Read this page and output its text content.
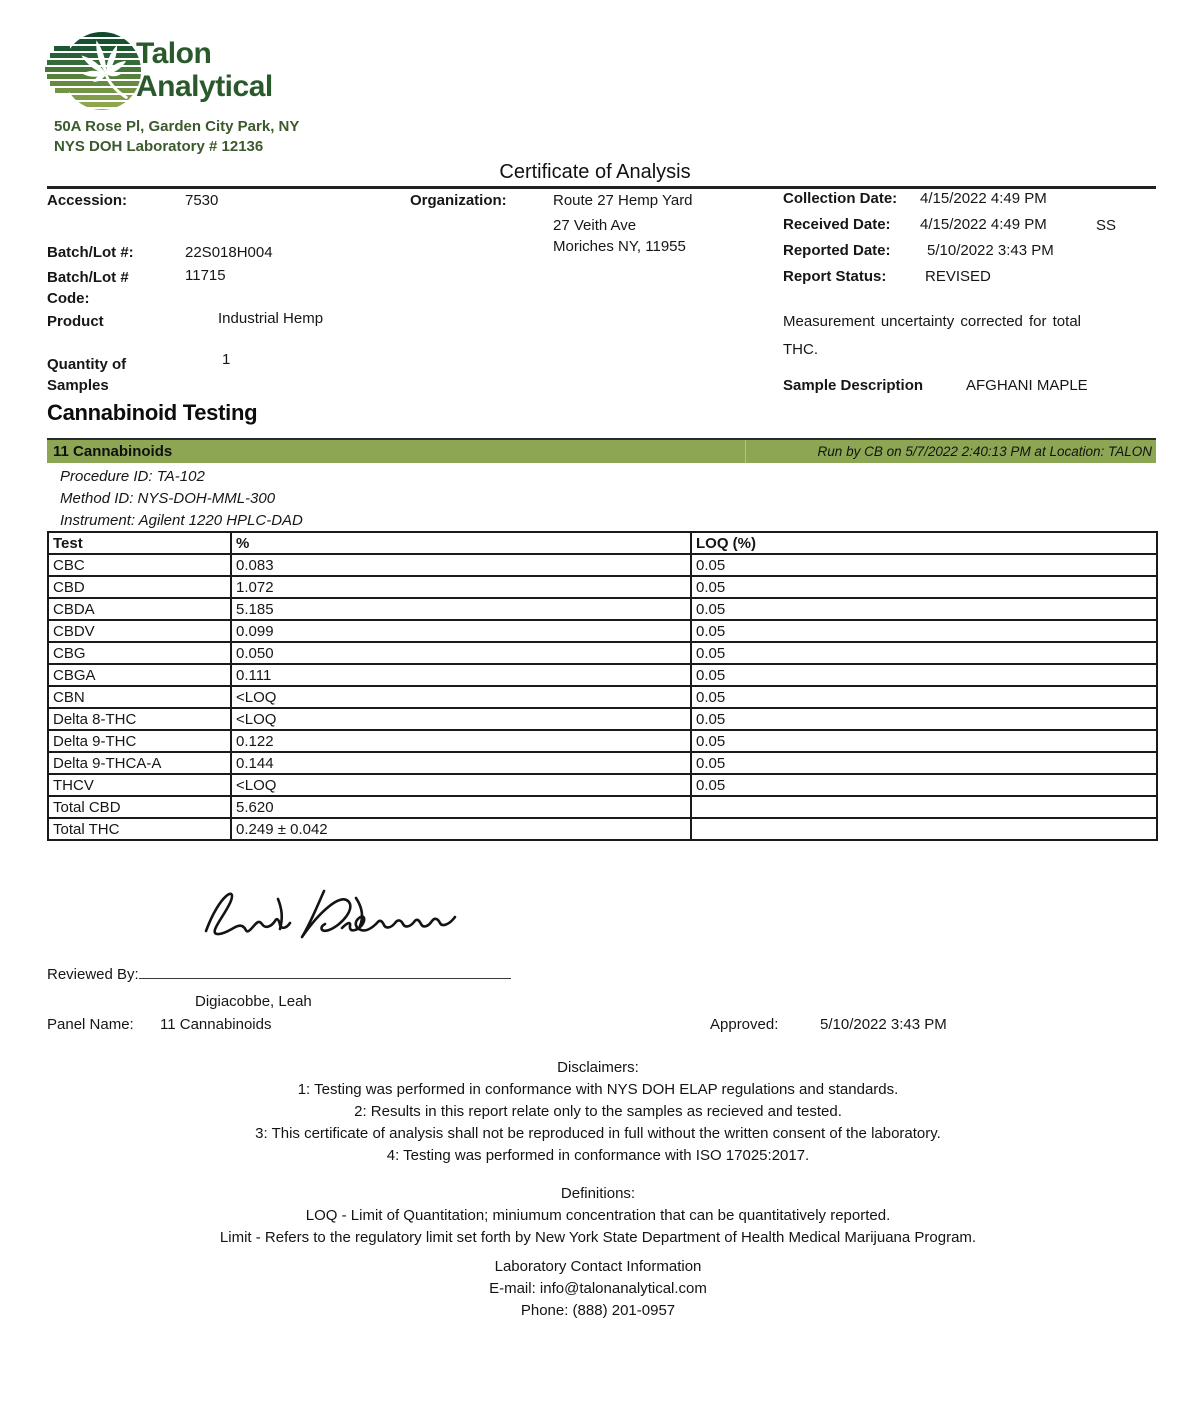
Talon
Analytical
50A Rose Pl, Garden City Park, NY
NYS DOH Laboratory # 12136
Certificate of Analysis
Accession:	7530
Batch/Lot #:	22S018H004
Batch/Lot # Code:
11715
Product	Industrial Hemp
Quantity of Samples
1
Organization:	Route 27 Hemp Yard
27 Veith Ave
Moriches NY, 11955
Collection Date: 4/15/2022 4:49 PM
Received Date: 4/15/2022 4:49 PM	SS
Reported Date: 5/10/2022 3:43 PM
Report Status:	REVISED
Measurement uncertainty corrected for total THC.
Sample Description	AFGHANI MAPLE
Cannabinoid Testing
11 Cannabinoids	Run by CB on 5/7/2022 2:40:13 PM at Location: TALON
Procedure ID: TA-102
Method ID: NYS-DOH-MML-300
Instrument: Agilent 1220 HPLC-DAD
Test	%	LOQ (%)
CBC	0.083	0.05
CBD	1.072	0.05
CBDA	5.185	0.05
CBDV	0.099	0.05
CBG	0.050	0.05
CBGA	0.111	0.05
CBN	<LOQ	0.05
Delta 8-THC	<LOQ	0.05
Delta 9-THC	0.122	0.05
Delta 9-THCA-A	0.144	0.05
THCV	<LOQ	0.05
Total CBD	5.620	
Total THC	0.249 ± 0.042	
Reviewed By:
Digiacobbe, Leah
Panel Name: 11 Cannabinoids	Approved:	5/10/2022 3:43 PM
Disclaimers:
1: Testing was performed in conformance with NYS DOH ELAP regulations and standards.
2: Results in this report relate only to the samples as recieved and tested.
3: This certificate of analysis shall not be reproduced in full without the written consent of the laboratory.
4: Testing was performed in conformance with ISO 17025:2017.
Definitions:
LOQ - Limit of Quantitation; miniumum concentration that can be quantitatively reported.
Limit - Refers to the regulatory limit set forth by New York State Department of Health Medical Marijuana Program.
Laboratory Contact Information
E-mail: info@talonanalytical.com
Phone: (888) 201-0957
